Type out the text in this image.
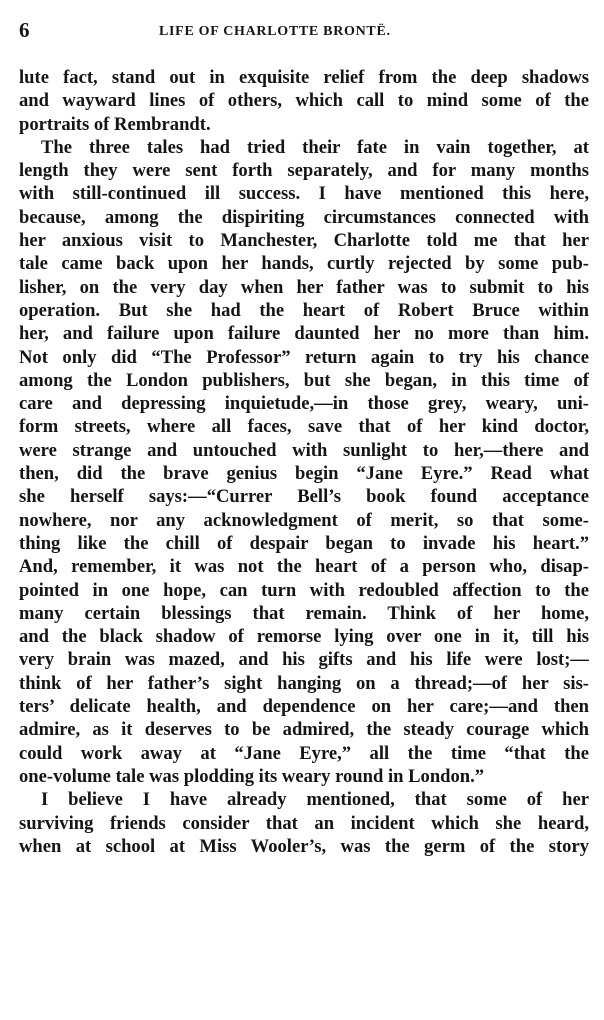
6	LIFE OF CHARLOTTE BRONTË.
lute fact, stand out in exquisite relief from the deep shadows
and wayward lines of others, which call to mind some of the
portraits of Rembrandt.
The three tales had tried their fate in vain together, at
length they were sent forth separately, and for many months
with still-continued ill success. I have mentioned this here,
because, among the dispiriting circumstances connected with
her anxious visit to Manchester, Charlotte told me that her
tale came back upon her hands, curtly rejected by some pub-
lisher, on the very day when her father was to submit to his
operation. But she had the heart of Robert Bruce within
her, and failure upon failure daunted her no more than him.
Not only did “The Professor” return again to try his chance
among the London publishers, but she began, in this time of
care and depressing inquietude,—in those grey, weary, uni-
form streets, where all faces, save that of her kind doctor,
were strange and untouched with sunlight to her,—there and
then, did the brave genius begin “Jane Eyre.” Read what
she herself says:—“Currer Bell’s book found acceptance
nowhere, nor any acknowledgment of merit, so that some-
thing like the chill of despair began to invade his heart.”
And, remember, it was not the heart of a person who, disap-
pointed in one hope, can turn with redoubled affection to the
many certain blessings that remain. Think of her home,
and the black shadow of remorse lying over one in it, till his
very brain was mazed, and his gifts and his life were lost;—
think of her father’s sight hanging on a thread;—of her sis-
ters’ delicate health, and dependence on her care;—and then
admire, as it deserves to be admired, the steady courage which
could work away at “Jane Eyre,” all the time “that the
one-volume tale was plodding its weary round in London.”
I believe I have already mentioned, that some of her
surviving friends consider that an incident which she heard,
when at school at Miss Wooler’s, was the germ of the story
